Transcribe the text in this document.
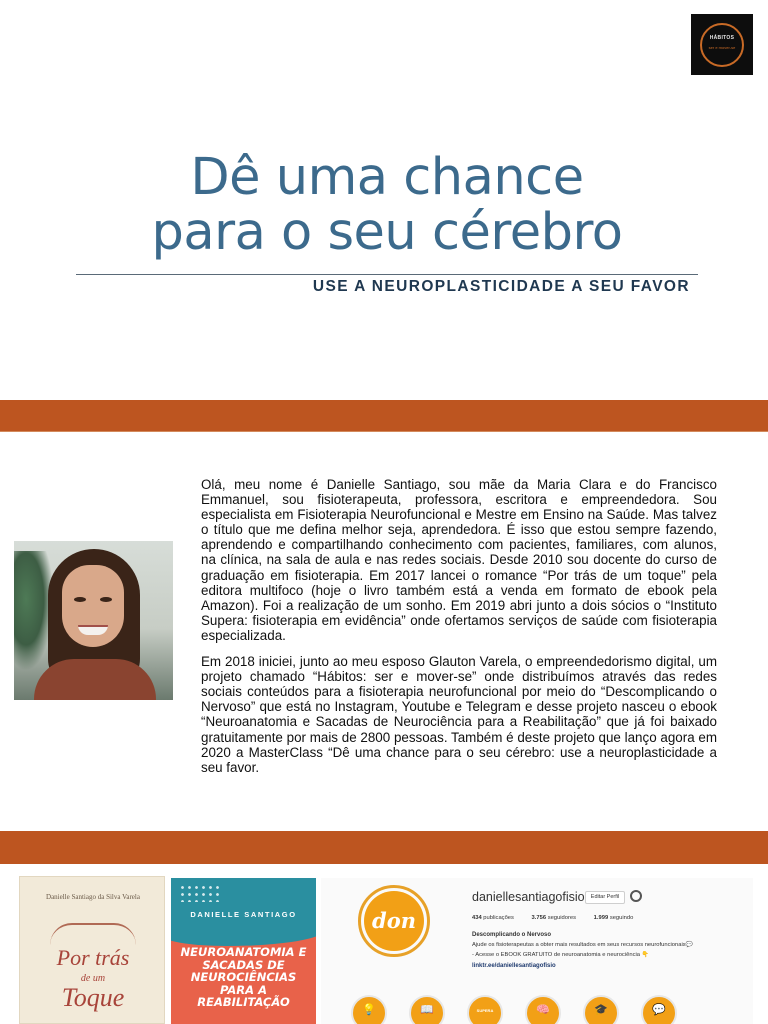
HÁBITOS
ser e mover-se
Dê uma chance
para o seu cérebro
USE A NEUROPLASTICIDADE A SEU FAVOR

Olá, meu nome é Danielle Santiago, sou mãe da Maria Clara e do Francisco Emmanuel, sou fisioterapeuta, professora, escritora e empreendedora. Sou especialista em Fisioterapia Neurofuncional e Mestre em Ensino na Saúde. Mas talvez o título que me defina melhor seja, aprendedora. É isso que estou sempre fazendo, aprendendo e compartilhando conhecimento com pacientes, familiares, com alunos, na clínica, na sala de aula e nas redes sociais. Desde 2010 sou docente do curso de graduação em fisioterapia. Em 2017 lancei o romance “Por trás de um toque” pela editora multifoco (hoje o livro também está a venda em formato de ebook pela Amazon). Foi a realização de um sonho. Em 2019 abri junto a dois sócios o “Instituto Supera: fisioterapia em evidência” onde ofertamos serviços de saúde com fisioterapia especializada.

Em 2018 iniciei, junto ao meu esposo Glauton Varela, o empreendedorismo digital, um projeto chamado “Hábitos: ser e mover-se” onde distribuímos através das redes sociais conteúdos para a fisioterapia neurofuncional por meio do “Descomplicando o Nervoso” que está no Instagram, Youtube e Telegram e desse projeto nasceu o ebook “Neuroanatomia e Sacadas de Neurociência para a Reabilitação” que já foi baixado gratuitamente por mais de 2800 pessoas. Também é deste projeto que lanço agora em 2020 a MasterClass “Dê uma chance para o seu cérebro: use a neuroplasticidade a seu favor.

Danielle Santiago da Silva Varela
Por trás
de um
Toque
DANIELLE SANTIAGO
NEUROANATOMIA E SACADAS DE NEUROCIÊNCIAS PARA A REABILITAÇÃO
don
daniellesantiagofisio	Editar Perfil
434 publicações	3.756 seguidores	1.999 seguindo
Descomplicando o Nervoso
Ajude os fisioterapeutas a obter mais resultados em seus recursos neurofuncionais💬
- Acesse o EBOOK GRATUITO de neuroanatomia e neurociência 👇
linktr.ee/daniellesantiagofisio
💡	📖	SUPERA	🧠	🎓	💬
